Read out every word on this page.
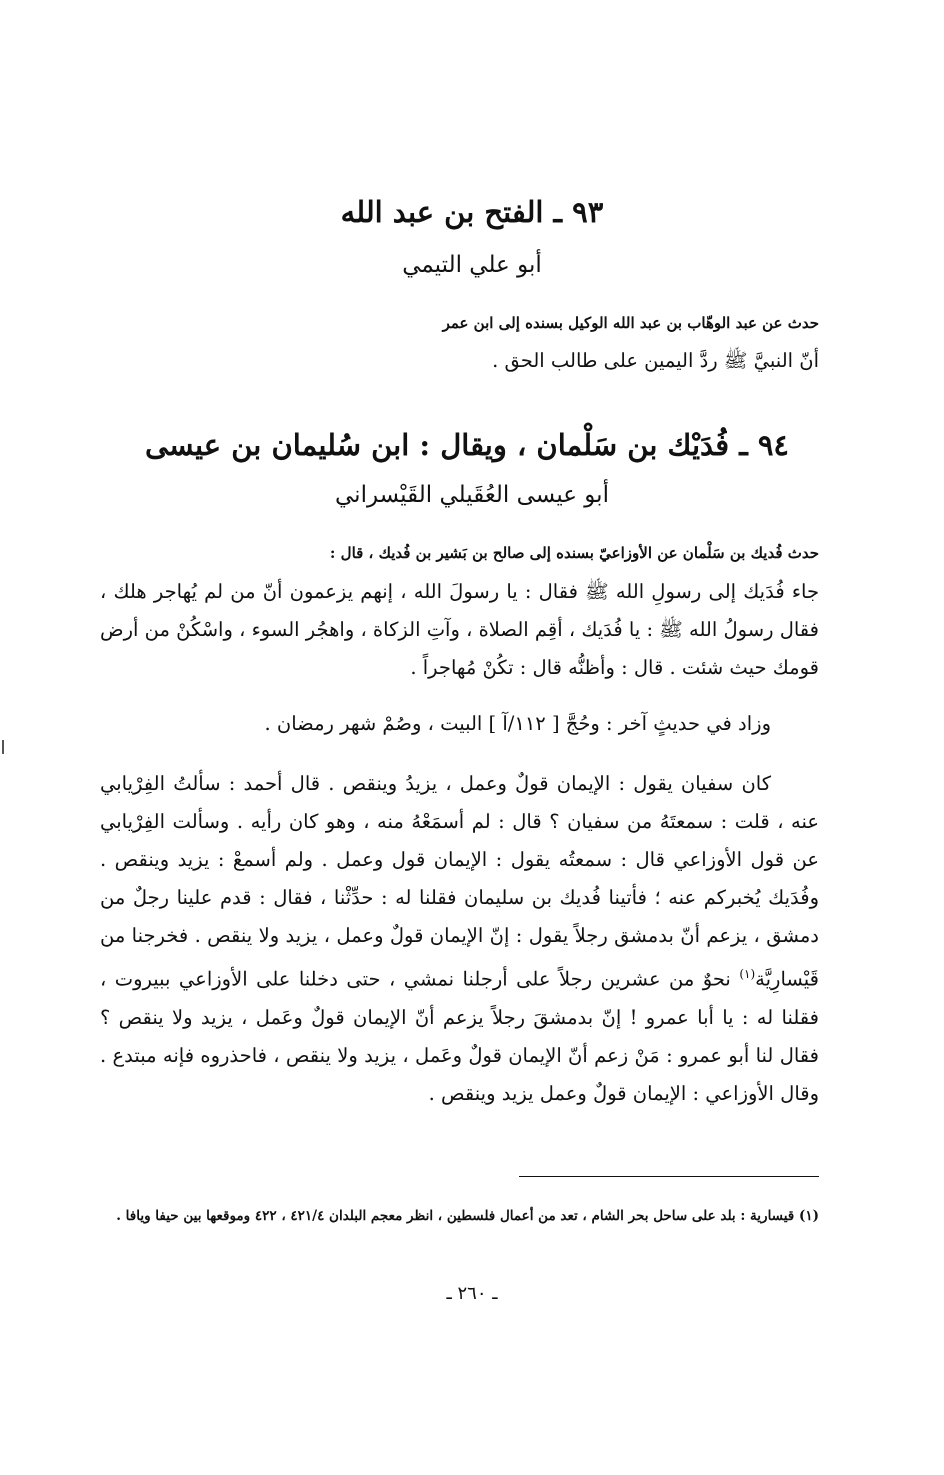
٩٣ ـ الفتح بن عبد الله
أبو علي التيمي
حدث عن عبد الوهّاب بن عبد الله الوكيل بسنده إلى ابن عمر
أنّ النبيَّ ﷺ ردَّ اليمين على طالب الحق .
٩٤ ـ فُدَيْك بن سَلْمان ، ويقال : ابن سُليمان بن عيسى
أبو عيسى العُقَيلي القَيْسراني
حدث فُديك بن سَلْمان عن الأوزاعيّ بسنده إلى صالح بن بَشير بن فُديك ، قال :

جاء فُدَيك إلى رسولِ الله ﷺ فقال : يا رسولَ الله ، إنهم يزعمون أنّ من لم يُهاجر هلك ، فقال رسولُ الله ﷺ : يا فُدَيك ، أقِم الصلاة ، وآتِ الزكاة ، واهجُر السوء ، واسْكُنْ من أرض قومك حيث شئت . قال : وأظنُّه قال : تكُنْ مُهاجراً .

وزاد في حديثٍ آخر : وحُجَّ [ ١١٢/آ ] البيت ، وصُمْ شهر رمضان .

كان سفيان يقول : الإيمان قولٌ وعمل ، يزيدُ وينقص . قال أحمد : سألتُ الفِرْيابي عنه ، قلت : سمعتَهُ من سفيان ؟ قال : لم أسمَعْهُ منه ، وهو كان رأيه . وسألت الفِرْيابي عن قول الأوزاعي قال : سمعتُه يقول : الإيمان قول وعمل . ولم أسمعْ : يزيد وينقص . وفُدَيك يُخبركم عنه ؛ فأتينا فُديك بن سليمان فقلنا له : حدِّثْنا ، فقال : قدم علينا رجلٌ من دمشق ، يزعم أنّ بدمشق رجلاً يقول : إنّ الإيمان قولٌ وعمل ، يزيد ولا ينقص . فخرجنا من قَيْسارِيَّة$^{(١)}$ نحوٌ من عشرين رجلاً على أرجلنا نمشي ، حتى دخلنا على الأوزاعي ببيروت ، فقلنا له : يا أبا عمرو ! إنّ بدمشقَ رجلاً يزعم أنّ الإيمان قولٌ وعَمل ، يزيد ولا ينقص ؟ فقال لنا أبو عمرو : مَنْ زعم أنّ الإيمان قولٌ وعَمل ، يزيد ولا ينقص ، فاحذروه فإنه مبتدع . وقال الأوزاعي : الإيمان قولٌ وعمل يزيد وينقص .

(١) قيسارية : بلد على ساحل بحر الشام ، تعد من أعمال فلسطين ، انظر معجم البلدان ٤٢١/٤ ، ٤٢٢ وموقعها بين حيفا ويافا .
ـ ٢٦٠ ـ
